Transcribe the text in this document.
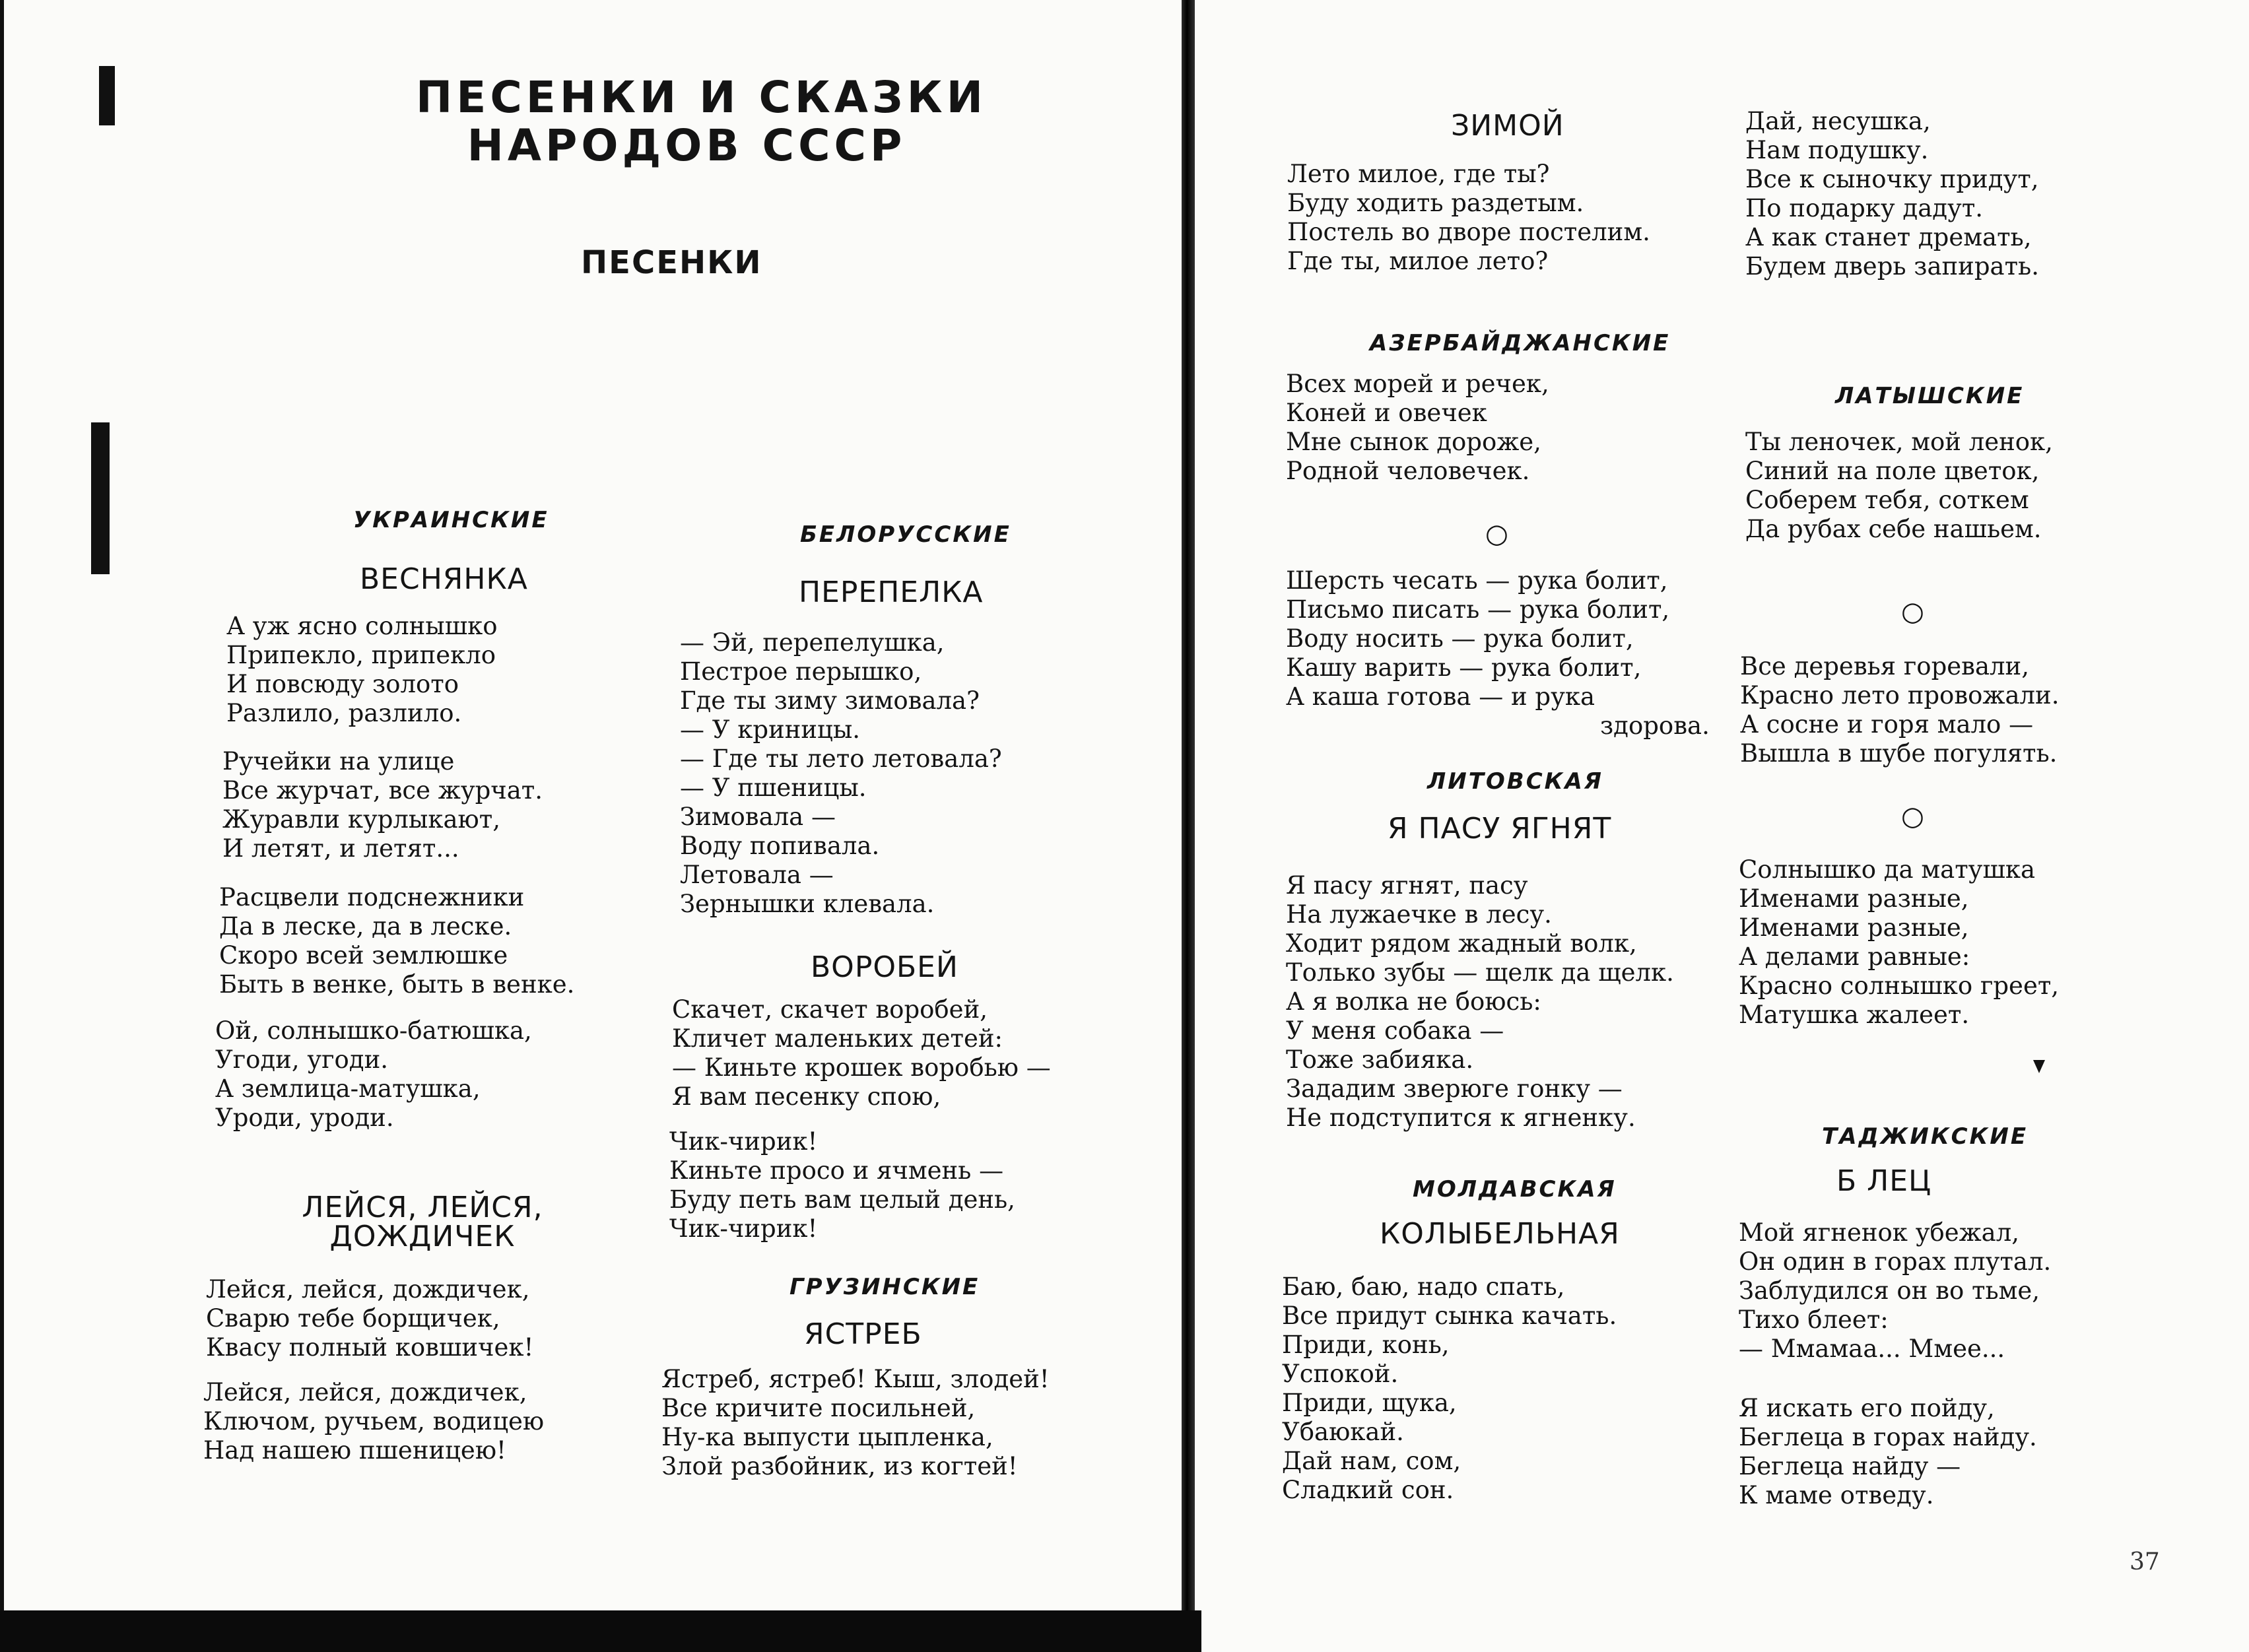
ПЕСЕНКИ И СКАЗКИ
НАРОДОВ СССР
ПЕСЕНКИ
УКРАИНСКИЕ
ВЕСНЯНКА
А уж ясно солнышко
Припекло, припекло
И повсюду золото
Разлило, разлило.
Ручейки на улице
Все журчат, все журчат.
Журавли курлыкают,
И летят, и летят...
Расцвели подснежники
Да в леске, да в леске.
Скоро всей землюшке
Быть в венке, быть в венке.
Ой, солнышко-батюшка,
Угоди, угоди.
А землица-матушка,
Уроди, уроди.
ЛЕЙСЯ, ЛЕЙСЯ,
ДОЖДИЧЕК
Лейся, лейся, дождичек,
Сварю тебе борщичек,
Квасу полный ковшичек!
Лейся, лейся, дождичек,
Ключом, ручьем, водицею
Над нашею пшеницею!
БЕЛОРУССКИЕ
ПЕРЕПЕЛКА
— Эй, перепелушка,
Пестрое перышко,
Где ты зиму зимовала?
— У криницы.
— Где ты лето летовала?
— У пшеницы.
Зимовала —
Воду попивала.
Летовала —
Зернышки клевала.
ВОРОБЕЙ
Скачет, скачет воробей,
Кличет маленьких детей:
— Киньте крошек воробью —
Я вам песенку спою,
Чик-чирик!
Киньте просо и ячмень —
Буду петь вам целый день,
Чик-чирик!
ГРУЗИНСКИЕ
ЯСТРЕБ
Ястреб, ястреб! Кыш, злодей!
Все кричите посильней,
Ну-ка выпусти цыпленка,
Злой разбойник, из когтей!
ЗИМОЙ
Лето милое, где ты?
Буду ходить раздетым.
Постель во дворе постелим.
Где ты, милое лето?
АЗЕРБАЙДЖАНСКИЕ
Всех морей и речек,
Коней и овечек
Мне сынок дороже,
Родной человечек.
○
Шерсть чесать — рука болит,
Письмо писать — рука болит,
Воду носить — рука болит,
Кашу варить — рука болит,
А каша готова — и рука
здорова.
ЛИТОВСКАЯ
Я ПАСУ ЯГНЯТ
Я пасу ягнят, пасу
На лужаечке в лесу.
Ходит рядом жадный волк,
Только зубы — щелк да щелк.
А я волка не боюсь:
У меня собака —
Тоже забияка.
Зададим зверюге гонку —
Не подступится к ягненку.
МОЛДАВСКАЯ
КОЛЫБЕЛЬНАЯ
Баю, баю, надо спать,
Все придут сынка качать.
Приди, конь,
Успокой.
Приди, щука,
Убаюкай.
Дай нам, сом,
Сладкий сон.
Дай, несушка,
Нам подушку.
Все к сыночку придут,
По подарку дадут.
А как станет дремать,
Будем дверь запирать.
ЛАТЫШСКИЕ
Ты леночек, мой ленок,
Синий на поле цветок,
Соберем тебя, соткем
Да рубах себе нашьем.
○
Все деревья горевали,
Красно лето провожали.
А сосне и горя мало —
Вышла в шубе погулять.
○
Солнышко да матушка
Именами разные,
Именами разные,
А делами равные:
Красно солнышко греет,
Матушка жалеет.
ТАДЖИКСКИЕ
Б ЛЕЦ
Мой ягненок убежал,
Он один в горах плутал.
Заблудился он во тьме,
Тихо блеет:
— Ммамаа... Ммее...
Я искать его пойду,
Беглеца в горах найду.
Беглеца найду —
К маме отведу.
37
